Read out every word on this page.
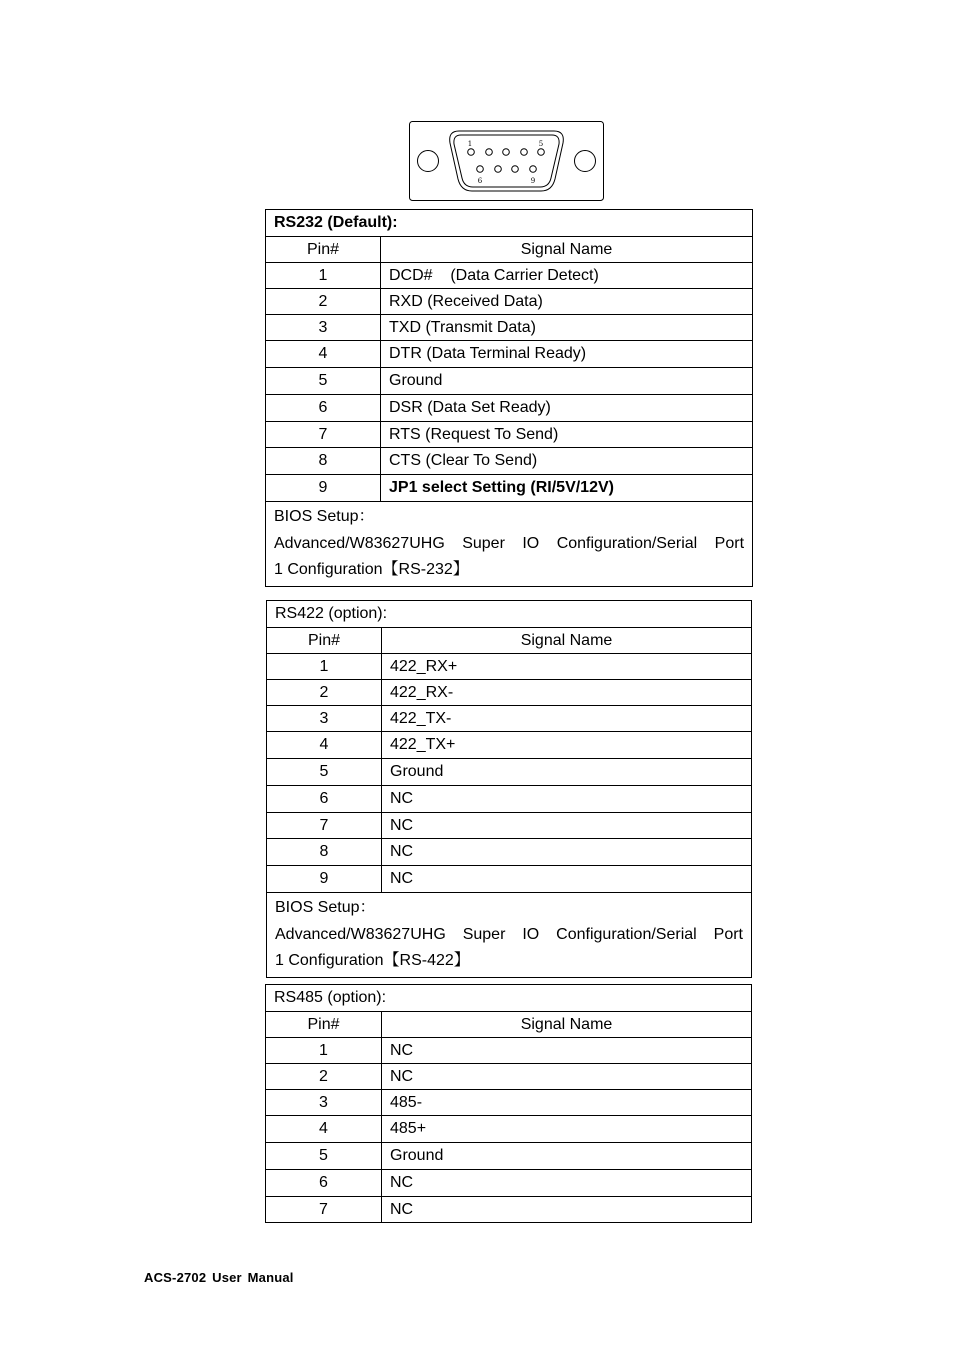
1	5
6	9
RS232 (Default):	
Pin#	Signal Name
1	DCD#    (Data Carrier Detect)
2	RXD (Received Data)
3	TXD (Transmit Data)
4	DTR (Data Terminal Ready)
5	Ground
6	DSR (Data Set Ready)
7	RTS (Request To Send)
8	CTS (Clear To Send)
9	JP1 select Setting (RI/5V/12V)

BIOS Setup：
Advanced/W83627UHG Super IO Configuration/Serial Port
1 Configuration【RS-232】	
RS422 (option):	
Pin#	Signal Name
1	422_RX+
2	422_RX-
3	422_TX-
4	422_TX+
5	Ground
6	NC
7	NC
8	NC
9	NC

BIOS Setup：
Advanced/W83627UHG Super IO Configuration/Serial Port
1 Configuration【RS-422】	
RS485 (option):	
Pin#	Signal Name
1	NC
2	NC
3	485-
4	485+
5	Ground
6	NC
7	NC
ACS-2702 User Manual
